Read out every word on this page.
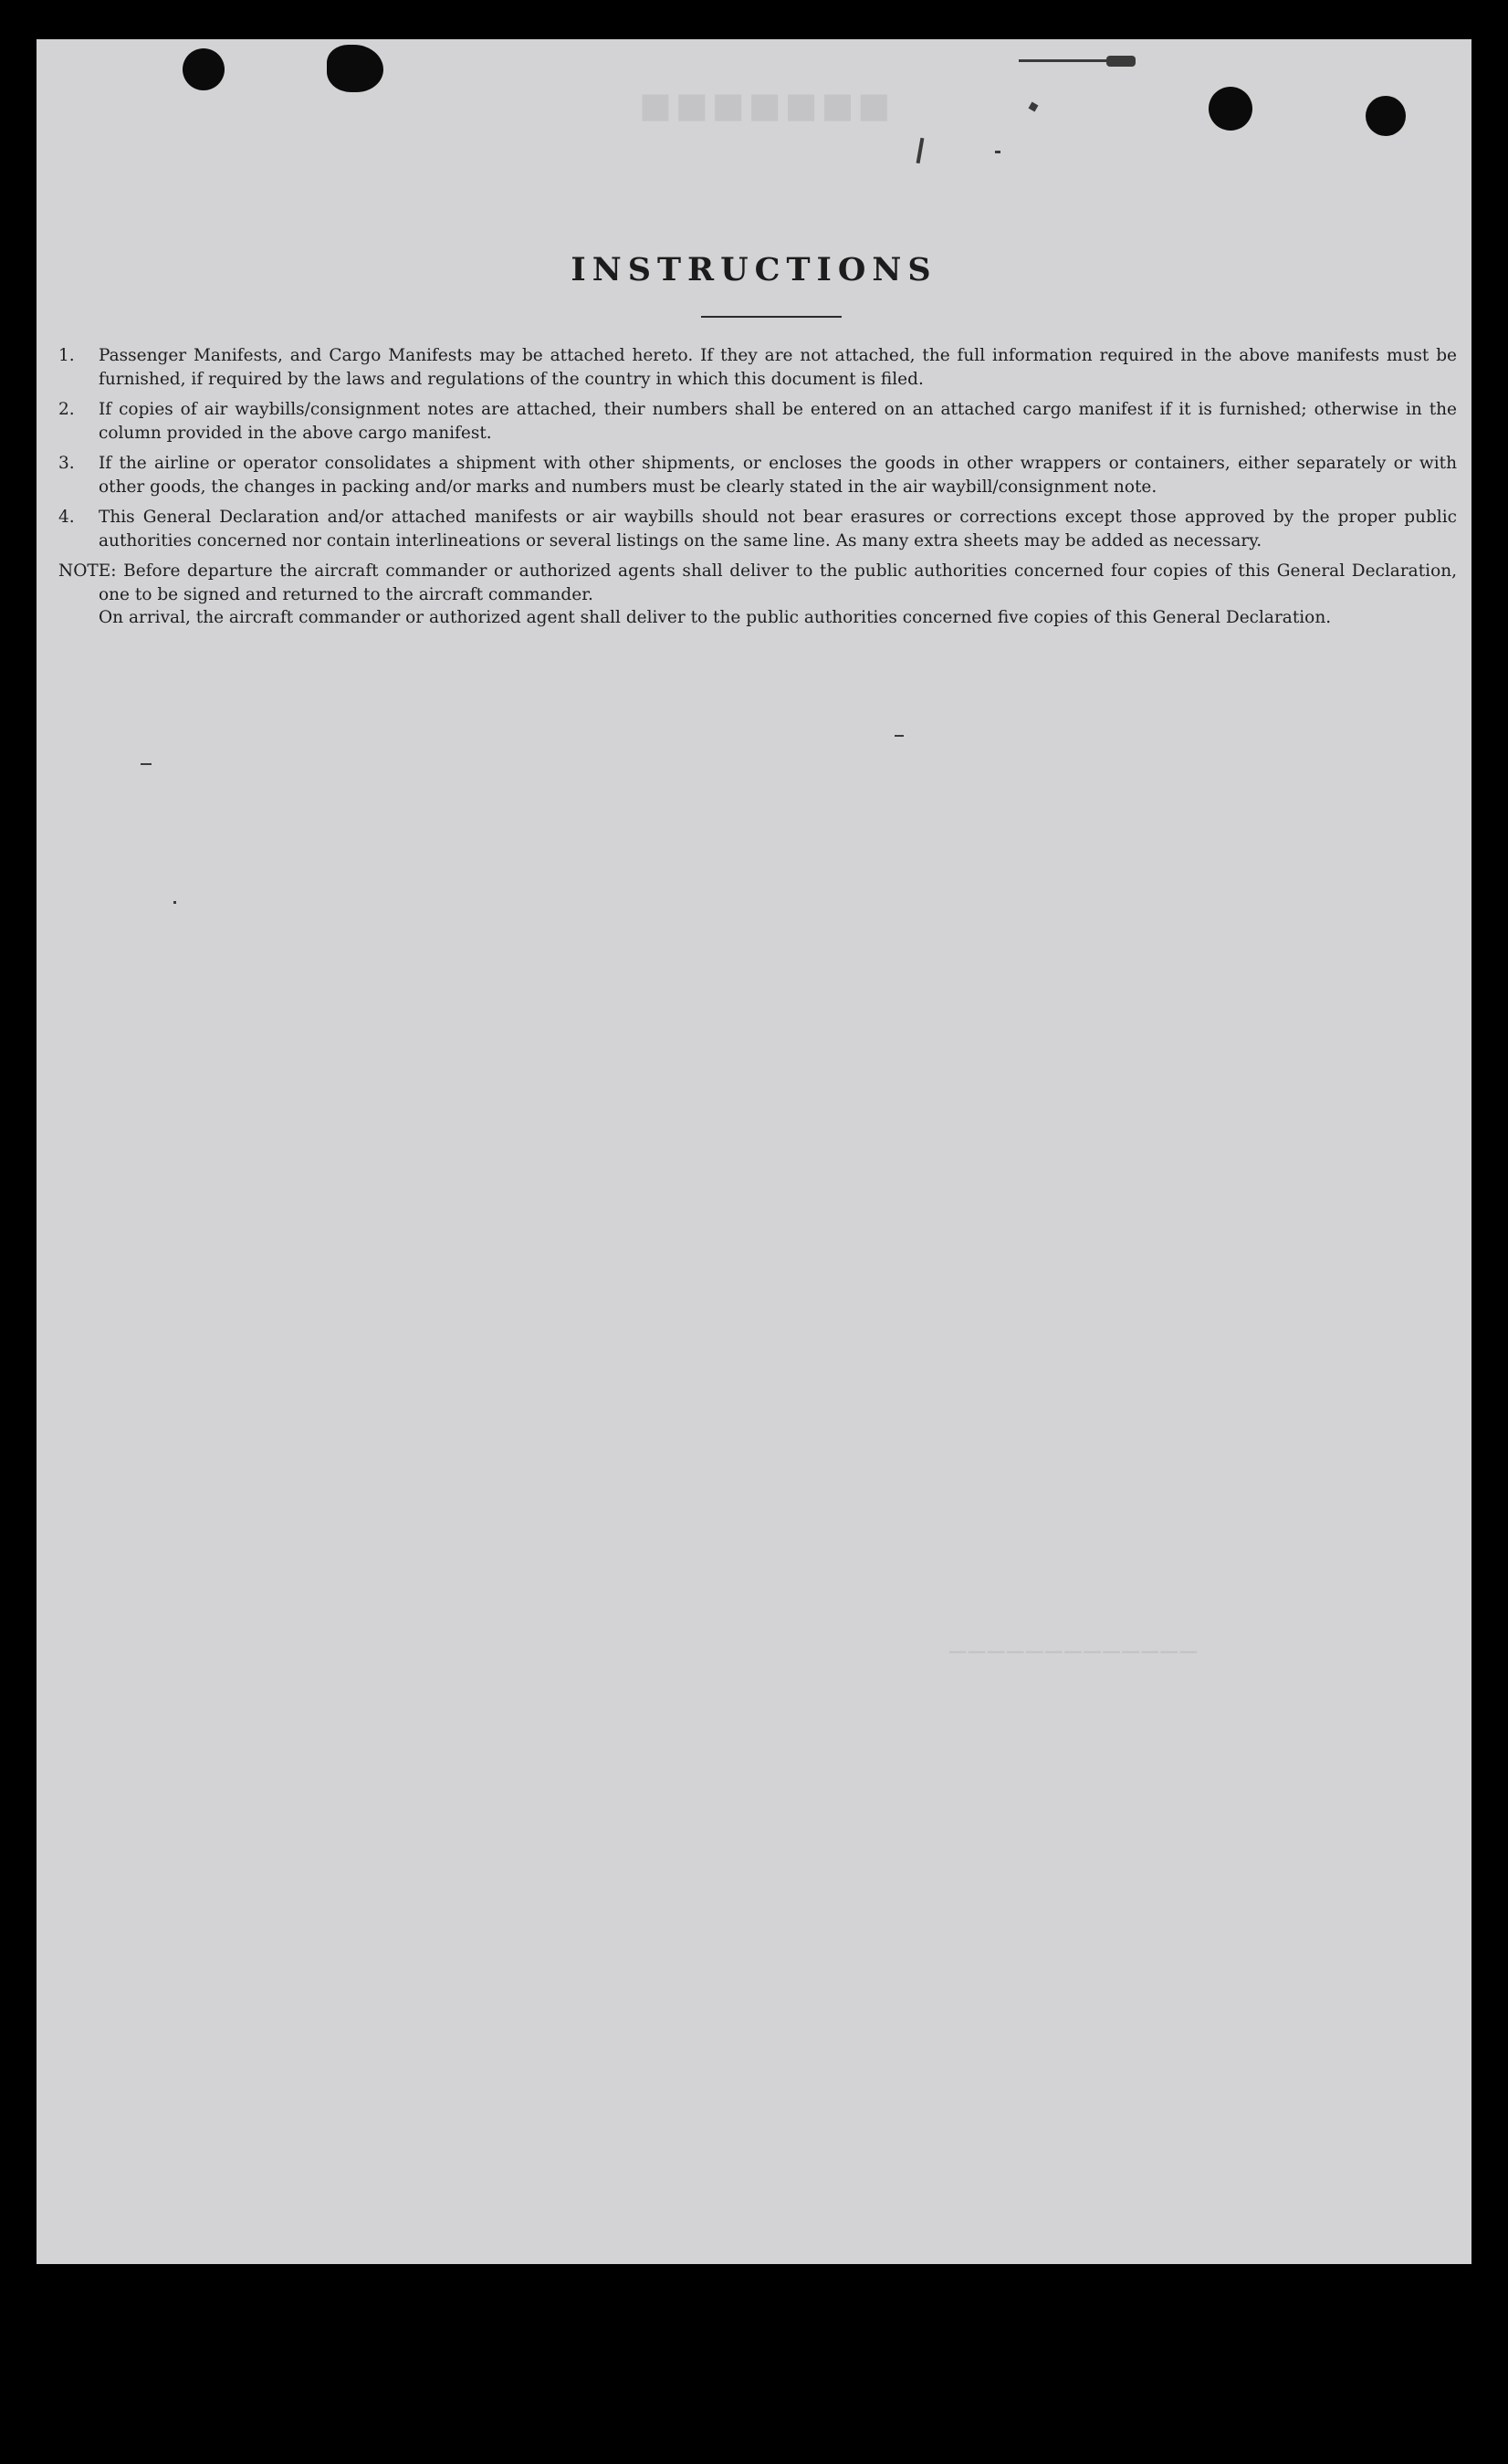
■■■■■■■
─────────────
INSTRUCTIONS
1.	Passenger Manifests, and Cargo Manifests may be attached hereto. If they are not attached, the full information required in the above manifests must be furnished, if required by the laws and regulations of the country in which this document is filed.
2.	If copies of air waybills/consignment notes are attached, their numbers shall be entered on an attached cargo manifest if it is furnished; otherwise in the column provided in the above cargo manifest.
3.	If the airline or operator consolidates a shipment with other shipments, or encloses the goods in other wrappers or containers, either separately or with other goods, the changes in packing and/or marks and numbers must be clearly stated in the air waybill/consignment note.
4.	This General Declaration and/or attached manifests or air waybills should not bear erasures or corrections except those approved by the proper public authorities concerned nor contain interlineations or several listings on the same line. As many extra sheets may be added as necessary.
NOTE: Before departure the aircraft commander or authorized agents shall deliver to the public authorities concerned four copies of this General Declaration, one to be signed and returned to the aircraft commander.
On arrival, the aircraft commander or authorized agent shall deliver to the public authorities concerned five copies of this General Declaration.
